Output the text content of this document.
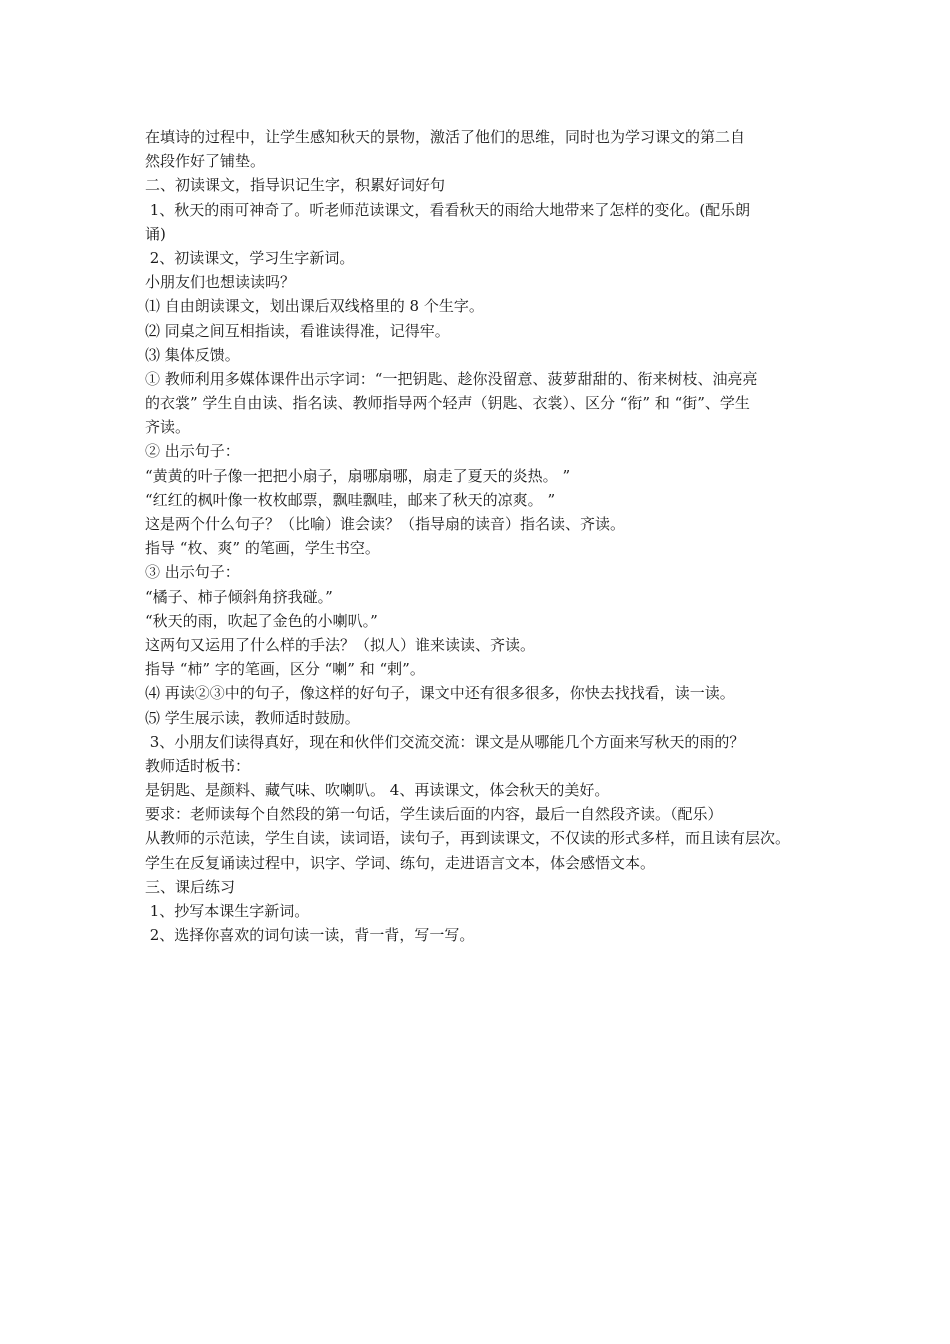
在填诗的过程中，让学生感知秋天的景物，激活了他们的思维，同时也为学习课文的第二自
然段作好了铺垫。
二、初读课文，指导识记生字，积累好词好句
1、秋天的雨可神奇了。听老师范读课文，看看秋天的雨给大地带来了怎样的变化。(配乐朗
诵)
2、初读课文，学习生字新词。
小朋友们也想读读吗？
⑴ 自由朗读课文，划出课后双线格里的 8 个生字。
⑵ 同桌之间互相指读，看谁读得准，记得牢。
⑶ 集体反馈。
① 教师利用多媒体课件出示字词：“一把钥匙、趁你没留意、菠萝甜甜的、衔来树枝、油亮亮
的衣裳” 学生自由读、指名读、教师指导两个轻声（钥匙、衣裳）、区分 “衔” 和 “街”、学生
齐读。
② 出示句子：
“黄黄的叶子像一把把小扇子，扇哪扇哪，扇走了夏天的炎热。 ”
“红红的枫叶像一枚枚邮票，飘哇飘哇，邮来了秋天的凉爽。 ”
这是两个什么句子？（比喻）谁会读？（指导扇的读音）指名读、齐读。
指导 “枚、爽” 的笔画，学生书空。
③ 出示句子：
“橘子、柿子倾斜角挤我碰。”
“秋天的雨，吹起了金色的小喇叭。”
这两句又运用了什么样的手法？（拟人）谁来读读、齐读。
指导 “柿” 字的笔画，区分 “喇” 和 “剌”。
⑷ 再读②③中的句子，像这样的好句子，课文中还有很多很多，你快去找找看，读一读。
⑸ 学生展示读，教师适时鼓励。
3、小朋友们读得真好，现在和伙伴们交流交流：课文是从哪能几个方面来写秋天的雨的？
教师适时板书：
是钥匙、是颜料、藏气味、吹喇叭。 4、再读课文，体会秋天的美好。
要求：老师读每个自然段的第一句话，学生读后面的内容，最后一自然段齐读。（配乐）
从教师的示范读，学生自读，读词语，读句子，再到读课文，不仅读的形式多样，而且读有层次。
学生在反复诵读过程中，识字、学词、练句，走进语言文本，体会感悟文本。
三、课后练习
1、抄写本课生字新词。
2、选择你喜欢的词句读一读，背一背，写一写。
